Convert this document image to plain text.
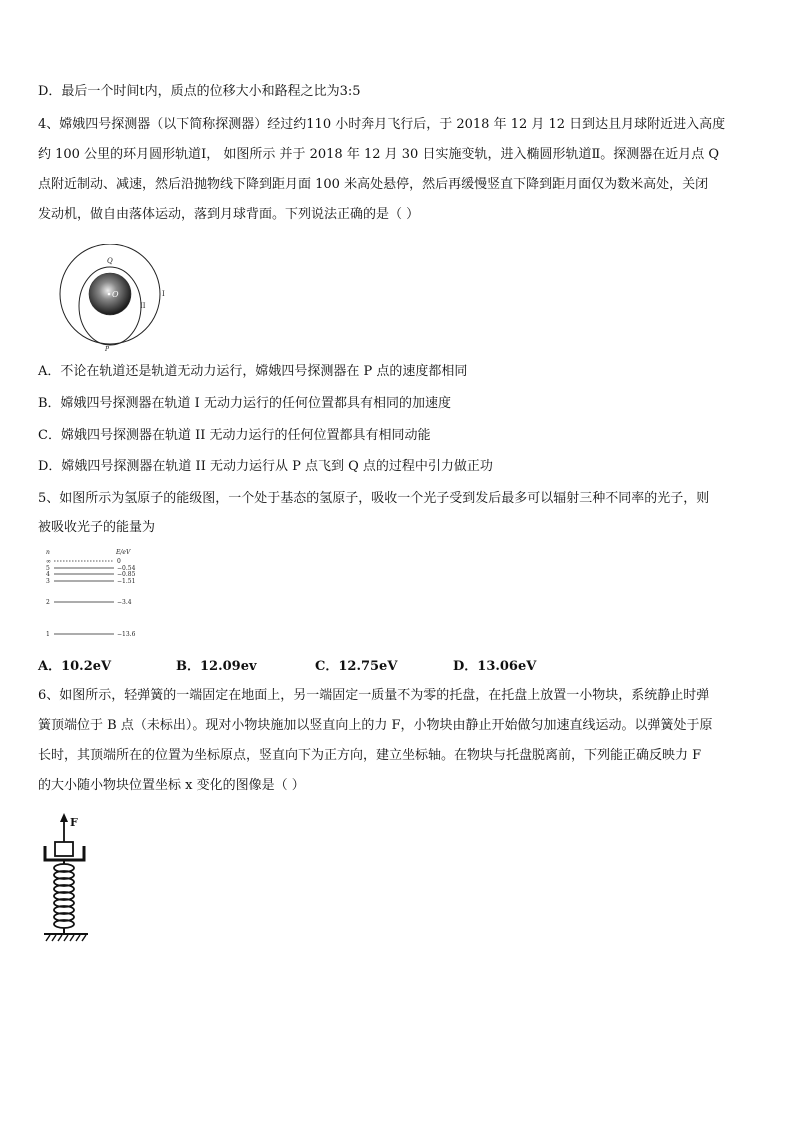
D．最后一个时间t内，质点的位移大小和路程之比为3:5
4、嫦娥四号探测器（以下简称探测器）经过约110 小时奔月飞行后，于 2018 年 12 月 12 日到达且月球附近进入高度
约 100 公里的环月圆形轨道Ⅰ， 如图所示 并于 2018 年 12 月 30 日实施变轨，进入椭圆形轨道Ⅱ。探测器在近月点 Q
点附近制动、减速，然后沿抛物线下降到距月面 100 米高处悬停，然后再缓慢竖直下降到距月面仅为数米高处，关闭
发动机，做自由落体运动，落到月球背面。下列说法正确的是（ ）
O
Q
P
II
I
A．不论在轨道还是轨道无动力运行，嫦娥四号探测器在 P 点的速度都相同
B．嫦娥四号探测器在轨道 I 无动力运行的任何位置都具有相同的加速度
C．嫦娥四号探测器在轨道 II 无动力运行的任何位置都具有相同动能
D．嫦娥四号探测器在轨道 II 无动力运行从 P 点飞到 Q 点的过程中引力做正功
5、如图所示为氢原子的能级图，一个处于基态的氢原子，吸收一个光子受到发后最多可以辐射三种不同率的光子，则
被吸收光子的能量为
n	E/eV
∞	0
5	−0.54
4	−0.85
3	−1.51
2	−3.4
1	−13.6
A．10.2eV	B．12.09ev	C．12.75eV	D．13.06eV
6、如图所示，轻弹簧的一端固定在地面上，另一端固定一质量不为零的托盘，在托盘上放置一小物块，系统静止时弹
簧顶端位于 B 点（未标出）。现对小物块施加以竖直向上的力 F，小物块由静止开始做匀加速直线运动。以弹簧处于原
长时，其顶端所在的位置为坐标原点，竖直向下为正方向，建立坐标轴。在物块与托盘脱离前，下列能正确反映力 F
的大小随小物块位置坐标 x 变化的图像是（ ）
F
